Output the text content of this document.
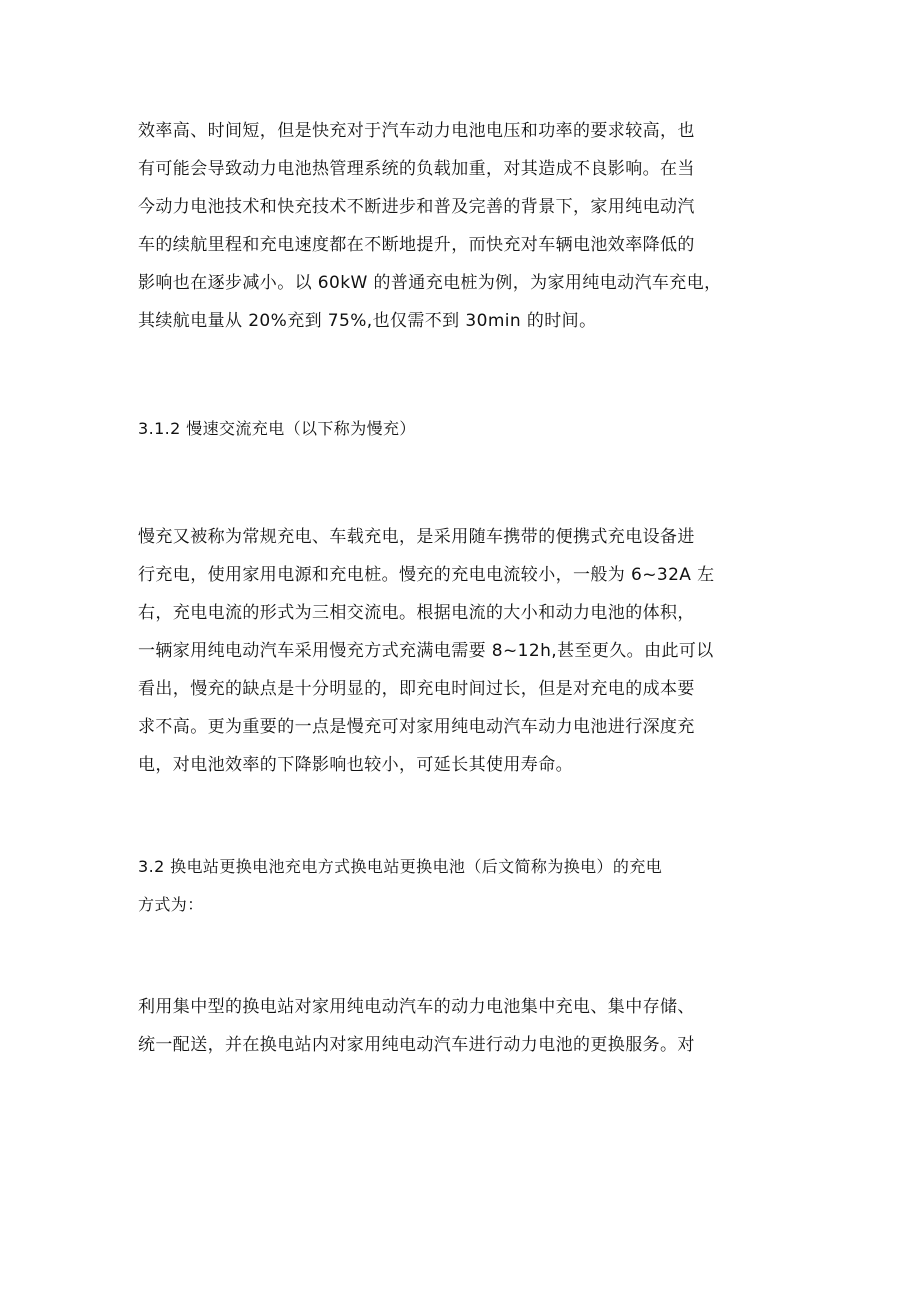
效率高、时间短，但是快充对于汽车动力电池电压和功率的要求较高，也
有可能会导致动力电池热管理系统的负载加重，对其造成不良影响。在当
今动力电池技术和快充技术不断进步和普及完善的背景下，家用纯电动汽
车的续航里程和充电速度都在不断地提升，而快充对车辆电池效率降低的
影响也在逐步减小。以 60kW 的普通充电桩为例，为家用纯电动汽车充电，
其续航电量从 20%充到 75%,也仅需不到 30min 的时间。
3.1.2 慢速交流充电（以下称为慢充）
慢充又被称为常规充电、车载充电，是采用随车携带的便携式充电设备进
行充电，使用家用电源和充电桩。慢充的充电电流较小，一般为 6~32A 左
右，充电电流的形式为三相交流电。根据电流的大小和动力电池的体积，
一辆家用纯电动汽车采用慢充方式充满电需要 8~12h,甚至更久。由此可以
看出，慢充的缺点是十分明显的，即充电时间过长，但是对充电的成本要
求不高。更为重要的一点是慢充可对家用纯电动汽车动力电池进行深度充
电，对电池效率的下降影响也较小，可延长其使用寿命。
3.2 换电站更换电池充电方式换电站更换电池（后文简称为换电）的充电
方式为：
利用集中型的换电站对家用纯电动汽车的动力电池集中充电、集中存储、
统一配送，并在换电站内对家用纯电动汽车进行动力电池的更换服务。对
